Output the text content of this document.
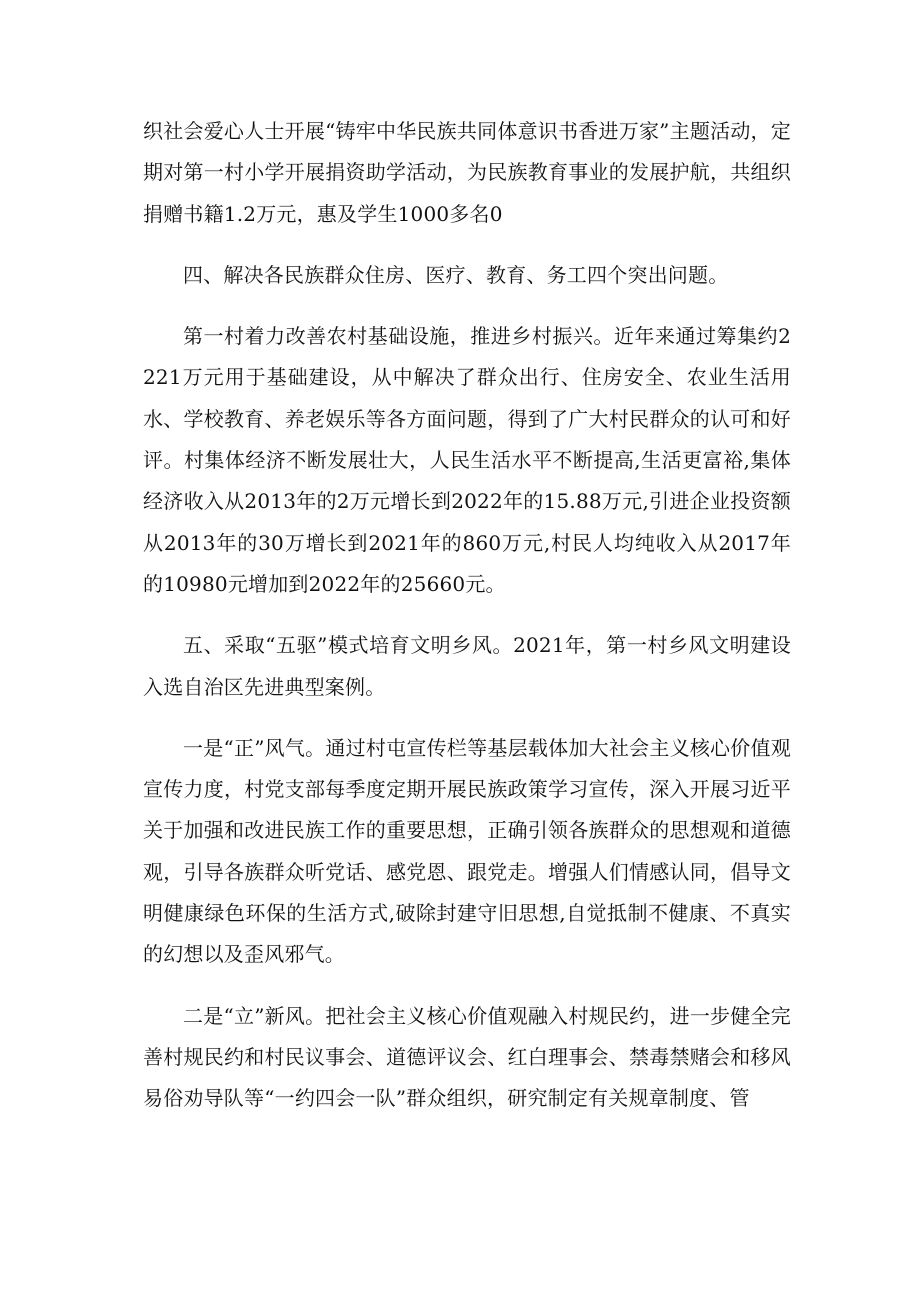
织社会爱心人士开展“铸牢中华民族共同体意识书香进万家”主题活动，定期对第一村小学开展捐资助学活动，为民族教育事业的发展护航，共组织捐赠书籍1.2万元，惠及学生1000多名0

四、解决各民族群众住房、医疗、教育、务工四个突出问题。

第一村着力改善农村基础设施，推进乡村振兴。近年来通过筹集约2221万元用于基础建设，从中解决了群众出行、住房安全、农业生活用水、学校教育、养老娱乐等各方面问题，得到了广大村民群众的认可和好评。村集体经济不断发展壮大，人民生活水平不断提高,生活更富裕,集体经济收入从2013年的2万元增长到2022年的15.88万元,引进企业投资额从2013年的30万增长到2021年的860万元,村民人均纯收入从2017年的10980元增加到2022年的25660元。

五、采取“五驱”模式培育文明乡风。2021年，第一村乡风文明建设入选自治区先进典型案例。

一是“正”风气。通过村屯宣传栏等基层载体加大社会主义核心价值观宣传力度，村党支部每季度定期开展民族政策学习宣传，深入开展习近平关于加强和改进民族工作的重要思想，正确引领各族群众的思想观和道德观，引导各族群众听党话、感党恩、跟党走。增强人们情感认同，倡导文明健康绿色环保的生活方式,破除封建守旧思想,自觉抵制不健康、不真实的幻想以及歪风邪气。

二是“立”新风。把社会主义核心价值观融入村规民约，进一步健全完善村规民约和村民议事会、道德评议会、红白理事会、禁毒禁赌会和移风易俗劝导队等“一约四会一队”群众组织，研究制定有关规章制度、管
